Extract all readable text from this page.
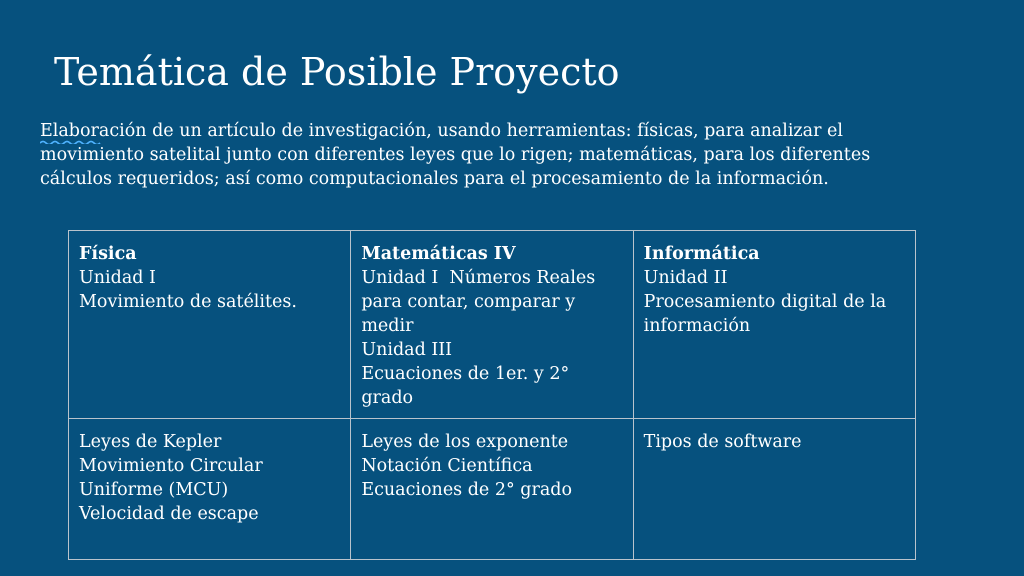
Temática de Posible Proyecto

Elaboración de un artículo de investigación, usando herramientas: físicas, para analizar el movimiento satelital junto con diferentes leyes que lo rigen; matemáticas, para los diferentes cálculos requeridos; así como computacionales para el procesamiento de la información.

Física
Unidad I
Movimiento de satélites.	Matemáticas IV
Unidad I  Números Reales para contar, comparar y medir
Unidad III
Ecuaciones de 1er. y 2° grado	Informática
Unidad II
Procesamiento digital de la información

Leyes de Kepler
Movimiento Circular Uniforme (MCU)
Velocidad de escape	Leyes de los exponente
Notación Científica
Ecuaciones de 2° grado	Tipos de software
